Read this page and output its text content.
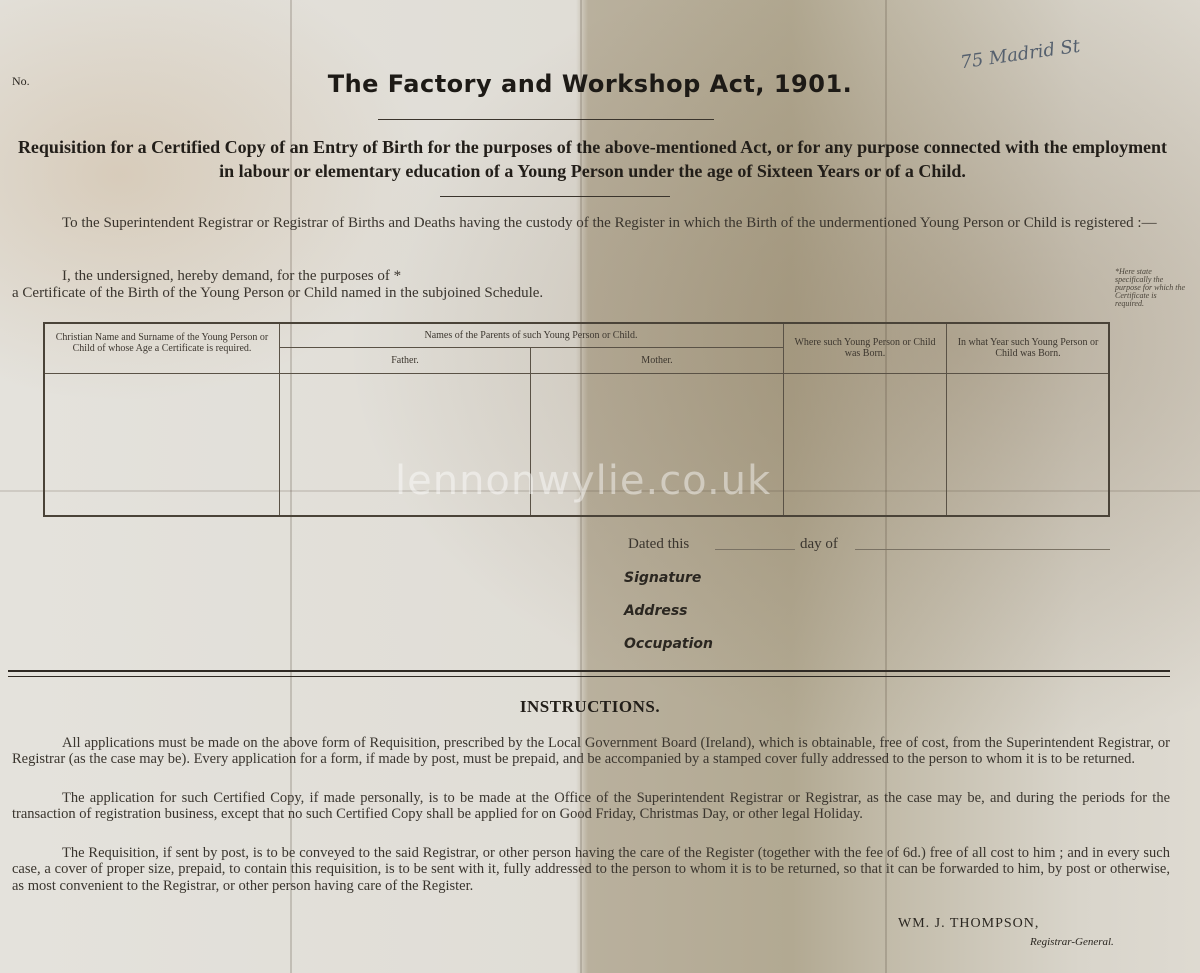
No.	The Factory and Workshop Act, 1901.
75 Madrid St
Requisition for a Certified Copy of an Entry of Birth for the purposes of the above-mentioned Act, or for any purpose connected with the employment in labour or elementary education of a Young Person under the age of Sixteen Years or of a Child.
To the Superintendent Registrar or Registrar of Births and Deaths having the custody of the Register in which the Birth of the undermentioned Young Person or Child is registered :—
I, the undersigned, hereby demand, for the purposes of *
a Certificate of the Birth of the Young Person or Child named in the subjoined Schedule.
*Here state specifically the purpose for which the Certificate is required.
Christian Name and Surname of the Young Person or Child of whose Age a Certificate is required.
Names of the Parents of such Young Person or Child.
Father.	Mother.
Where such Young Person or Child was Born.
In what Year such Young Person or Child was Born.
lennonwylie.co.uk
Dated this	day of
Signature
Address
Occupation
INSTRUCTIONS.
All applications must be made on the above form of Requisition, prescribed by the Local Government Board (Ireland), which is obtainable, free of cost, from the Superintendent Registrar, or Registrar (as the case may be). Every application for a form, if made by post, must be prepaid, and be accompanied by a stamped cover fully addressed to the person to whom it is to be returned.
The application for such Certified Copy, if made personally, is to be made at the Office of the Superintendent Registrar or Registrar, as the case may be, and during the periods for the transaction of registration business, except that no such Certified Copy shall be applied for on Good Friday, Christmas Day, or other legal Holiday.
The Requisition, if sent by post, is to be conveyed to the said Registrar, or other person having the care of the Register (together with the fee of 6d.) free of all cost to him ; and in every such case, a cover of proper size, prepaid, to contain this requisition, is to be sent with it, fully addressed to the person to whom it is to be returned, so that it can be forwarded to him, by post or otherwise, as most convenient to the Registrar, or other person having care of the Register.
WM. J. THOMPSON,
Registrar-General.
